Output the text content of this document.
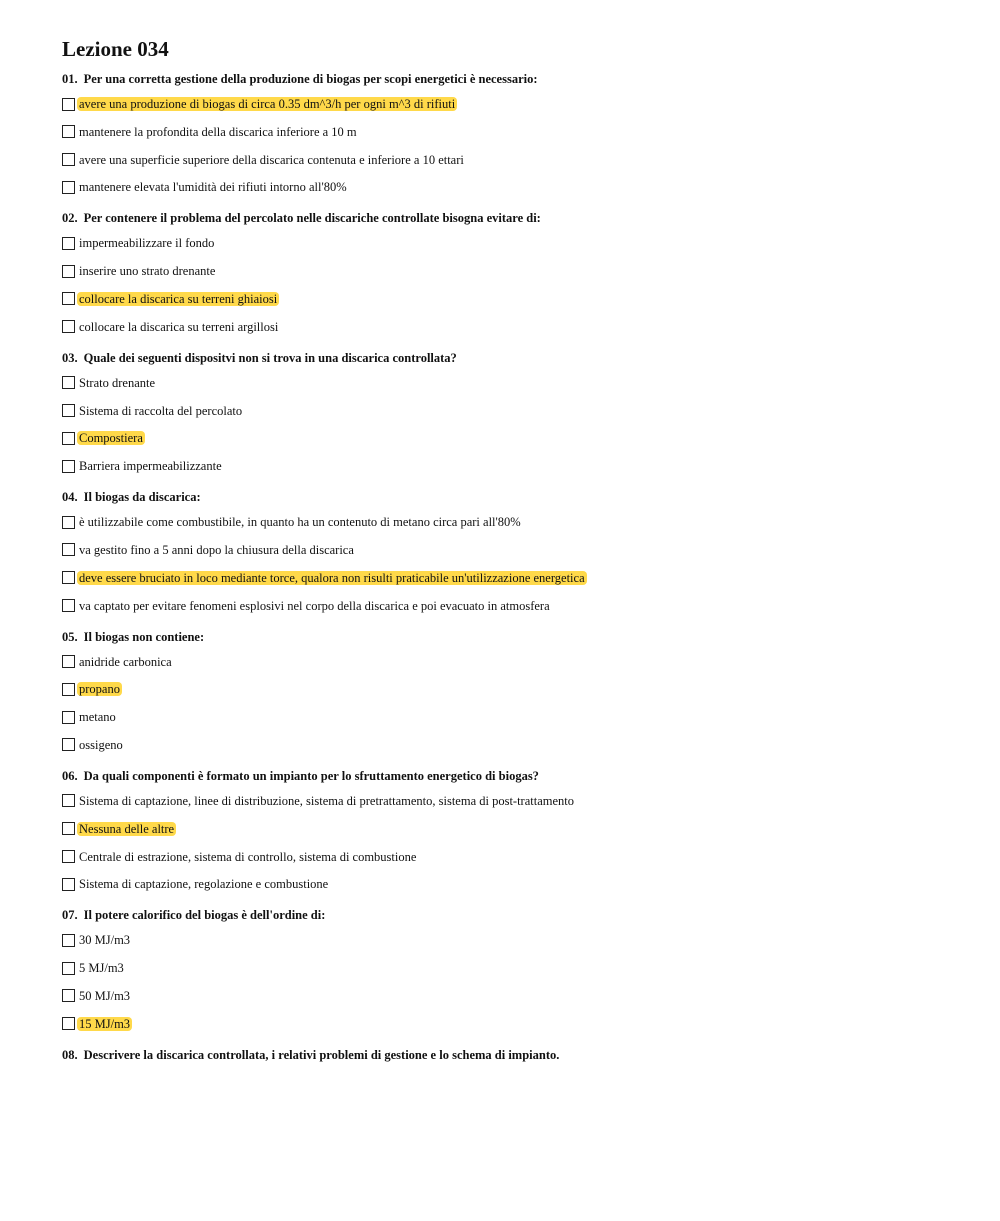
Lezione 034
01. Per una corretta gestione della produzione di biogas per scopi energetici è necessario:
avere una produzione di biogas di circa 0.35 dm^3/h per ogni m^3 di rifiuti
mantenere la profondita della discarica inferiore a 10 m
avere una superficie superiore della discarica contenuta e inferiore a 10 ettari
mantenere elevata l'umidità dei rifiuti intorno all'80%
02. Per contenere il problema del percolato nelle discariche controllate bisogna evitare di:
impermeabilizzare il fondo
inserire uno strato drenante
collocare la discarica su terreni ghiaiosi
collocare la discarica su terreni argillosi
03. Quale dei seguenti dispositvi non si trova in una discarica controllata?
Strato drenante
Sistema di raccolta del percolato
Compostiera
Barriera impermeabilizzante
04. Il biogas da discarica:
è utilizzabile come combustibile, in quanto ha un contenuto di metano circa pari all'80%
va gestito fino a 5 anni dopo la chiusura della discarica
deve essere bruciato in loco mediante torce, qualora non risulti praticabile un'utilizzazione energetica
va captato per evitare fenomeni esplosivi nel corpo della discarica e poi evacuato in atmosfera
05. Il biogas non contiene:
anidride carbonica
propano
metano
ossigeno
06. Da quali componenti è formato un impianto per lo sfruttamento energetico di biogas?
Sistema di captazione, linee di distribuzione, sistema di pretrattamento, sistema di post-trattamento
Nessuna delle altre
Centrale di estrazione, sistema di controllo, sistema di combustione
Sistema di captazione, regolazione e combustione
07. Il potere calorifico del biogas è dell'ordine di:
30 MJ/m3
5 MJ/m3
50 MJ/m3
15 MJ/m3
08. Descrivere la discarica controllata, i relativi problemi di gestione e lo schema di impianto.
